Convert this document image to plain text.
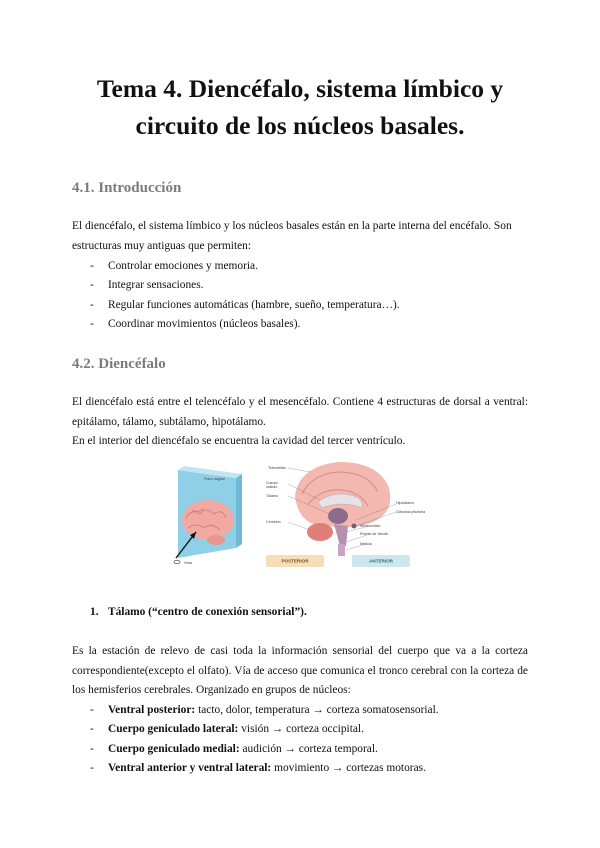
Tema 4. Diencéfalo, sistema límbico y
circuito de los núcleos basales.
4.1. Introducción
El diencéfalo, el sistema límbico y los núcleos basales están en la parte interna del encéfalo. Son
estructuras muy antiguas que permiten:
- Controlar emociones y memoria.
- Integrar sensaciones.
- Regular funciones automáticas (hambre, sueño, temperatura…).
- Coordinar movimientos (núcleos basales).
4.2. Diencéfalo
El diencéfalo está entre el telencéfalo y el mesencéfalo. Contiene 4 estructuras de dorsal a ventral:
epitálamo, tálamo, subtálamo, hipotálamo.
En el interior del diencéfalo se encuentra la cavidad del tercer ventrículo.
Vista
Plano sagital
Telencéfalo
Cuerpo
calloso
Tálamo
Cerebelo
Hipotálamo
Glándula pituitaria
Mesencéfalo
Puente de Varolio
Médula
POSTERIOR	ANTERIOR
1. Tálamo (“centro de conexión sensorial”).
Es la estación de relevo de casi toda la información sensorial del cuerpo que va a la corteza
correspondiente(excepto el olfato). Vía de acceso que comunica el tronco cerebral con la corteza de
los hemisferios cerebrales. Organizado en grupos de núcleos:
- Ventral posterior: tacto, dolor, temperatura → corteza somatosensorial.
- Cuerpo geniculado lateral: visión → corteza occipital.
- Cuerpo geniculado medial: audición → corteza temporal.
- Ventral anterior y ventral lateral: movimiento → cortezas motoras.
